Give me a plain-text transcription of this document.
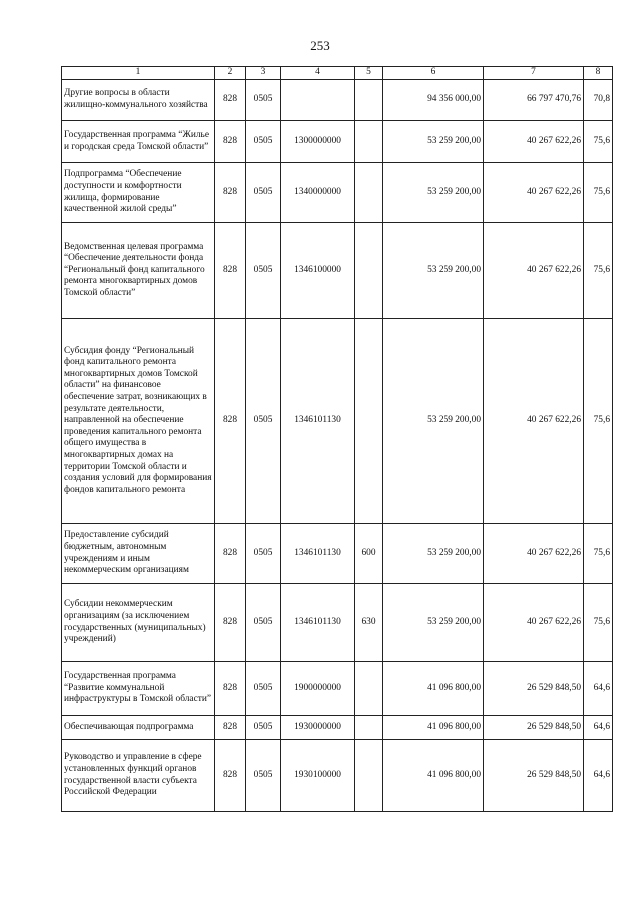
253
1	2	3	4	5	6	7	8
Другие вопросы в области жилищно-коммунального хозяйства	828	0505			94 356 000,00	66 797 470,76	70,8
Государственная программа “Жилье и городская среда Томской области”	828	0505	1300000000		53 259 200,00	40 267 622,26	75,6
Подпрограмма “Обеспечение доступности и комфортности жилища, формирование качественной жилой среды”	828	0505	1340000000		53 259 200,00	40 267 622,26	75,6
Ведомственная целевая программа “Обеспечение деятельности фонда “Региональный фонд капитального ремонта многоквартирных домов Томской области”	828	0505	1346100000		53 259 200,00	40 267 622,26	75,6
Субсидия фонду “Региональный фонд капитального ремонта многоквартирных домов Томской области” на финансовое обеспечение затрат, возникающих в результате деятельности, направленной на обеспечение проведения капитального ремонта общего имущества в многоквартирных домах на территории Томской области и создания условий для формирования фондов капитального ремонта	828	0505	1346101130		53 259 200,00	40 267 622,26	75,6
Предоставление субсидий бюджетным, автономным учреждениям и иным некоммерческим организациям	828	0505	1346101130	600	53 259 200,00	40 267 622,26	75,6
Субсидии некоммерческим организациям (за исключением государственных (муниципальных) учреждений)	828	0505	1346101130	630	53 259 200,00	40 267 622,26	75,6
Государственная программа “Развитие коммунальной инфраструктуры в Томской области”	828	0505	1900000000		41 096 800,00	26 529 848,50	64,6
Обеспечивающая подпрограмма	828	0505	1930000000		41 096 800,00	26 529 848,50	64,6
Руководство и управление в сфере установленных функций органов государственной власти субъекта Российской Федерации	828	0505	1930100000		41 096 800,00	26 529 848,50	64,6
